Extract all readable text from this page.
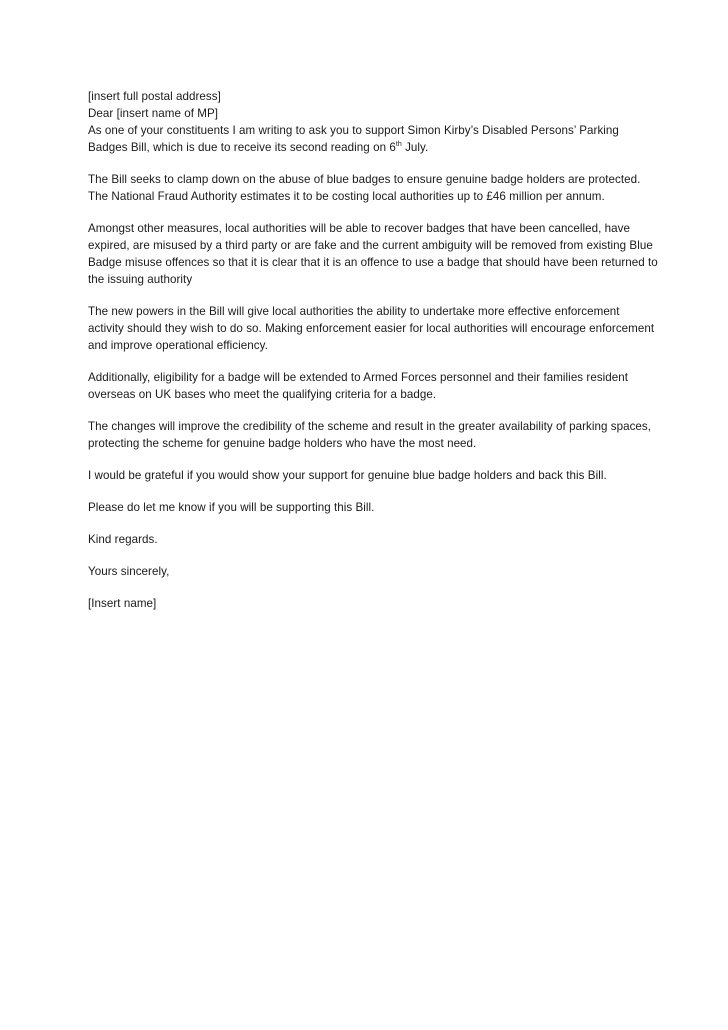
[insert full postal address]

Dear [insert name of MP]

As one of your constituents I am writing to ask you to support Simon Kirby’s Disabled Persons’ Parking Badges Bill, which is due to receive its second reading on 6th July.

The Bill seeks to clamp down on the abuse of blue badges to ensure genuine badge holders are protected. The National Fraud Authority estimates it to be costing local authorities up to £46 million per annum.

Amongst other measures, local authorities will be able to recover badges that have been cancelled, have expired, are misused by a third party or are fake and the current ambiguity will be removed from existing Blue Badge misuse offences so that it is clear that it is an offence to use a badge that should have been returned to the issuing authority

The new powers in the Bill will give local authorities the ability to undertake more effective enforcement activity should they wish to do so. Making enforcement easier for local authorities will encourage enforcement and improve operational efficiency.

Additionally, eligibility for a badge will be extended to Armed Forces personnel and their families resident overseas on UK bases who meet the qualifying criteria for a badge.

The changes will improve the credibility of the scheme and result in the greater availability of parking spaces, protecting the scheme for genuine badge holders who have the most need.

I would be grateful if you would show your support for genuine blue badge holders and back this Bill.

Please do let me know if you will be supporting this Bill.

Kind regards.

Yours sincerely,

[Insert name]
